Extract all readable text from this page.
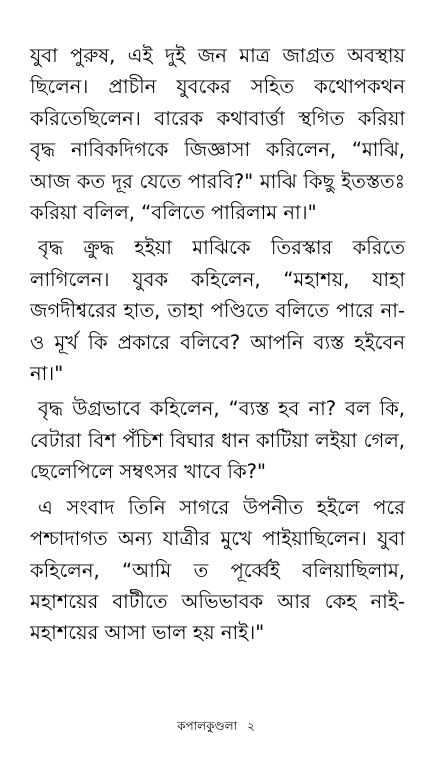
যুবা পুরুষ, এই দুই জন মাত্র জাগ্রত অবস্থায় ছিলেন। প্রাচীন যুবকের সহিত কথোপকথন করিতেছিলেন। বারেক কথাবার্ত্তা স্থগিত করিয়া বৃদ্ধ নাবিকদিগকে জিজ্ঞাসা করিলেন, “মাঝি, আজ কত দূর যেতে পারবি?" মাঝি কিছু ইতস্ততঃ করিয়া বলিল, “বলিতে পারিলাম না।"

বৃদ্ধ ক্রুদ্ধ হইয়া মাঝিকে তিরস্কার করিতে লাগিলেন। যুবক কহিলেন, “মহাশয়, যাহা জগদীশ্বরের হাত, তাহা পণ্ডিতে বলিতে পারে না- ও মূর্খ কি প্রকারে বলিবে? আপনি ব্যস্ত হইবেন না।"

বৃদ্ধ উগ্রভাবে কহিলেন, “ব্যস্ত হব না? বল কি, বেটারা বিশ পঁচিশ বিঘার ধান কাটিয়া লইয়া গেল, ছেলেপিলে সম্বৎসর খাবে কি?"

এ সংবাদ তিনি সাগরে উপনীত হইলে পরে পশ্চাদাগত অন্য যাত্রীর মুখে পাইয়াছিলেন। যুবা কহিলেন, “আমি ত পূর্ব্বেই বলিয়াছিলাম, মহাশয়ের বাটীতে অভিভাবক আর কেহ নাই- মহাশয়ের আসা ভাল হয় নাই।"

কপালকুণ্ডলা ২
